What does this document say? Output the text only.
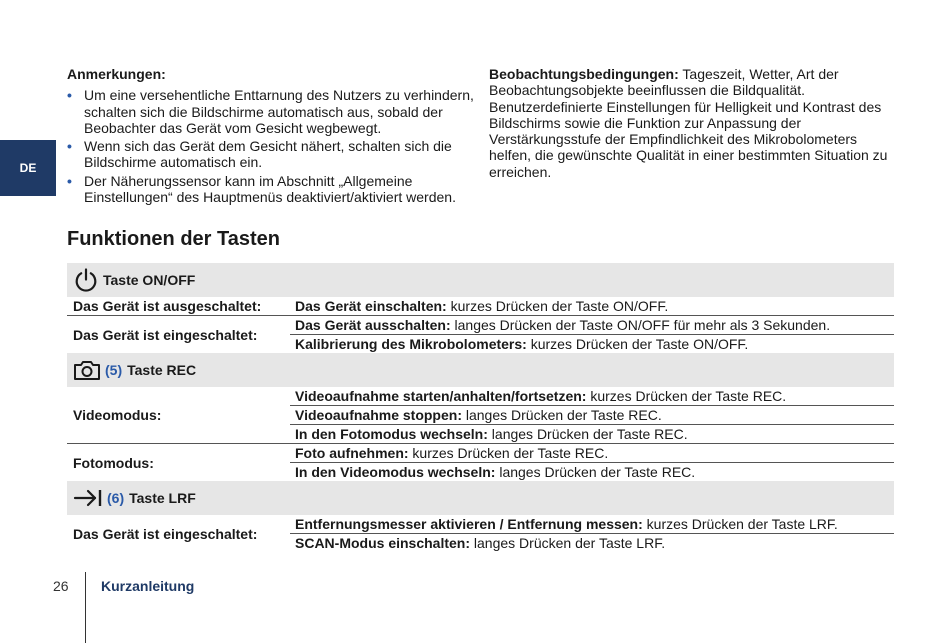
DE
Anmerkungen:
• Um eine versehentliche Enttarnung des Nutzers zu verhindern, schalten sich die Bildschirme automatisch aus, sobald der Beobachter das Gerät vom Gesicht wegbewegt.
• Wenn sich das Gerät dem Gesicht nähert, schalten sich die Bildschirme automatisch ein.
• Der Näherungssensor kann im Abschnitt „Allgemeine Einstellungen“ des Hauptmenüs deaktiviert/aktiviert werden.
Beobachtungsbedingungen: Tageszeit, Wetter, Art der Beobachtungsobjekte beeinflussen die Bildqualität. Benutzerdefinierte Einstellungen für Helligkeit und Kontrast des Bildschirms sowie die Funktion zur Anpassung der Verstärkungsstufe der Empfindlichkeit des Mikrobolometers helfen, die gewünschte Qualität in einer bestimmten Situation zu erreichen.
Funktionen der Tasten
Taste ON/OFF
Das Gerät ist ausgeschaltet:	Das Gerät einschalten: kurzes Drücken der Taste ON/OFF.
Das Gerät ist eingeschaltet:
Das Gerät ausschalten: langes Drücken der Taste ON/OFF für mehr als 3 Sekunden.
Kalibrierung des Mikrobolometers: kurzes Drücken der Taste ON/OFF.
(5) Taste REC
Videomodus:
Videoaufnahme starten/anhalten/fortsetzen: kurzes Drücken der Taste REC.
Videoaufnahme stoppen: langes Drücken der Taste REC.
In den Fotomodus wechseln: langes Drücken der Taste REC.
Fotomodus:
Foto aufnehmen: kurzes Drücken der Taste REC.
In den Videomodus wechseln: langes Drücken der Taste REC.
(6) Taste LRF
Das Gerät ist eingeschaltet:
Entfernungsmesser aktivieren / Entfernung messen: kurzes Drücken der Taste LRF.
SCAN-Modus einschalten: langes Drücken der Taste LRF.
26 Kurzanleitung
